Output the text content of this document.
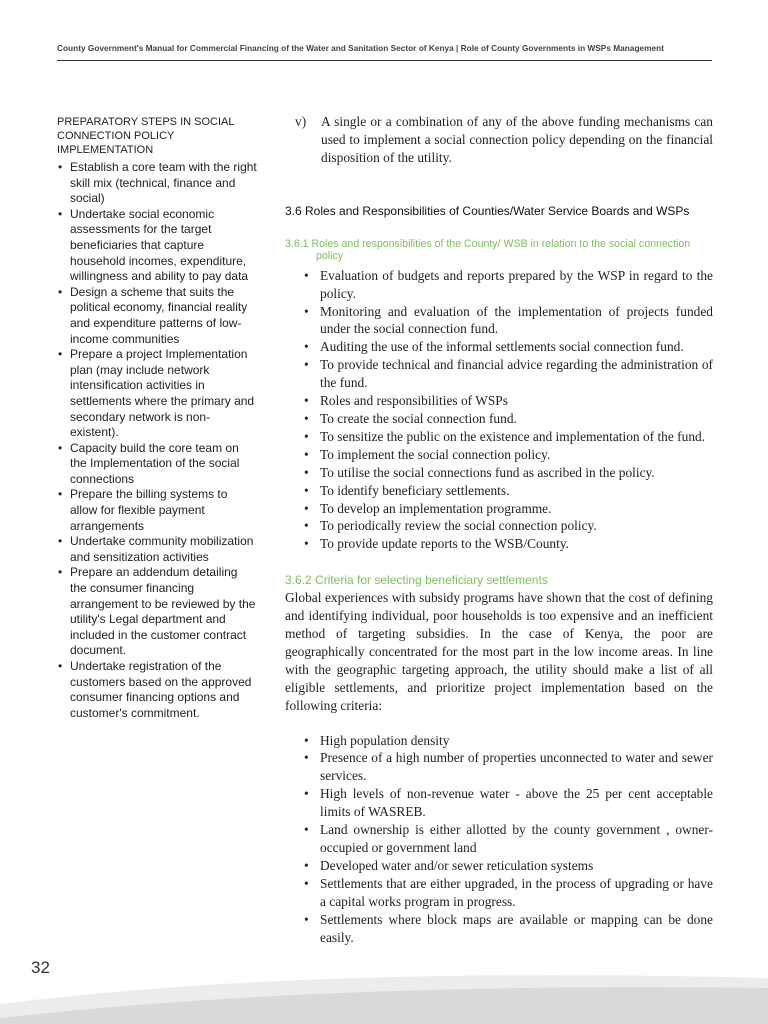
County Government's Manual for Commercial Financing of the Water and Sanitation Sector of Kenya | Role of County Governments in WSPs Management
PREPARATORY STEPS IN SOCIAL CONNECTION POLICY IMPLEMENTATION
• Establish a core team with the right skill mix (technical, finance and social)
• Undertake social economic assessments for the target beneficiaries that capture household incomes, expenditure, willingness and ability to pay data
• Design a scheme that suits the political economy, financial reality and expenditure patterns of low-income communities
• Prepare a project Implementation plan (may include network intensification activities in settlements where the primary and secondary network is non-existent).
• Capacity build the core team on the Implementation of the social connections
• Prepare the billing systems to allow for flexible payment arrangements
• Undertake community mobilization and sensitization activities
• Prepare an addendum detailing the consumer financing arrangement to be reviewed by the utility's Legal department and included in the customer contract document.
• Undertake registration of the customers based on the approved consumer financing options and customer's commitment.
v)	A single or a combination of any of the above funding mechanisms can used to implement a social connection policy depending on the financial disposition of the utility.
3.6 Roles and Responsibilities of Counties/Water Service Boards and WSPs
3.6.1 Roles and responsibilities of the County/ WSB in relation to the social connection
policy
• Evaluation of budgets and reports prepared by the WSP in regard to the policy.
• Monitoring and evaluation of the implementation of projects funded under the social connection fund.
• Auditing the use of the informal settlements social connection fund.
• To provide technical and financial advice regarding the administration of the fund.
• Roles and responsibilities of WSPs
• To create the social connection fund.
• To sensitize the public on the existence and implementation of the fund.
• To implement the social connection policy.
• To utilise the social connections fund as ascribed in the policy.
• To identify beneficiary settlements.
• To develop an implementation programme.
• To periodically review the social connection policy.
• To provide update reports to the WSB/County.
3.6.2 Criteria for selecting beneficiary settlements
Global experiences with subsidy programs have shown that the cost of defining and identifying individual, poor households is too expensive and an inefficient method of targeting subsidies. In the case of Kenya, the poor are geographically concentrated for the most part in the low income areas. In line with the geographic targeting approach, the utility should make a list of all eligible settlements, and prioritize project implementation based on the following criteria:
• High population density
• Presence of a high number of properties unconnected to water and sewer services.
• High levels of non-revenue water - above the 25 per cent acceptable limits of WASREB.
• Land ownership is either allotted by the county government , owner-occupied or government land
• Developed water and/or sewer reticulation systems
• Settlements that are either upgraded, in the process of upgrading or have a capital works program in progress.
• Settlements where block maps are available or mapping can be done easily.
32
